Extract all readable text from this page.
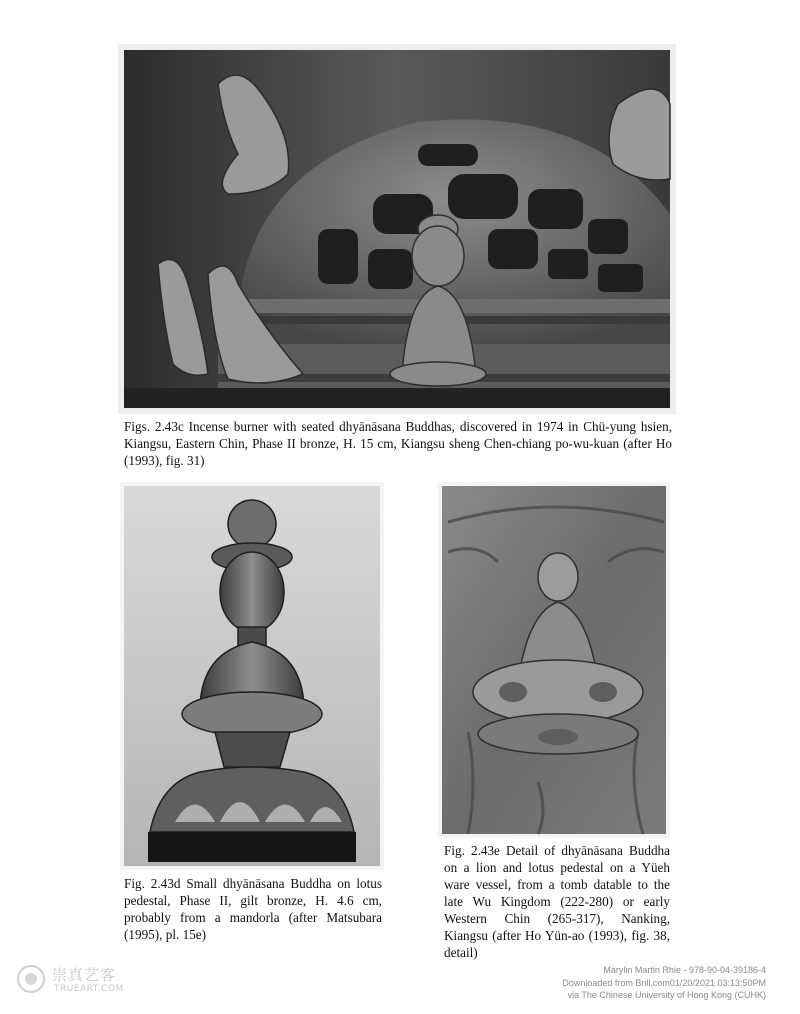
Figs. 2.43c Incense burner with seated dhyānāsana Buddhas, discovered in 1974 in Chü-yung hsien, Kiangsu, Eastern Chin, Phase II bronze, H. 15 cm, Kiangsu sheng Chen-chiang po-wu-kuan (after Ho (1993), fig. 31)
Fig. 2.43d Small dhyānāsana Buddha on lotus pedestal, Phase II, gilt bronze, H. 4.6 cm, probably from a mandorla (after Matsubara (1995), pl. 15e)
Fig. 2.43e Detail of dhyānāsana Buddha on a lion and lotus pedestal on a Yüeh ware vessel, from a tomb datable to the late Wu Kingdom (222-280) or early Western Chin (265-317), Nanking, Kiangsu (after Ho Yün-ao (1993), fig. 38, detail)
崇真艺客
TRUEART.COM
Marylin Martin Rhie - 978-90-04-39186-4
Downloaded from Brill.com01/20/2021 03:13:50PM
via The Chinese University of Hong Kong (CUHK)
